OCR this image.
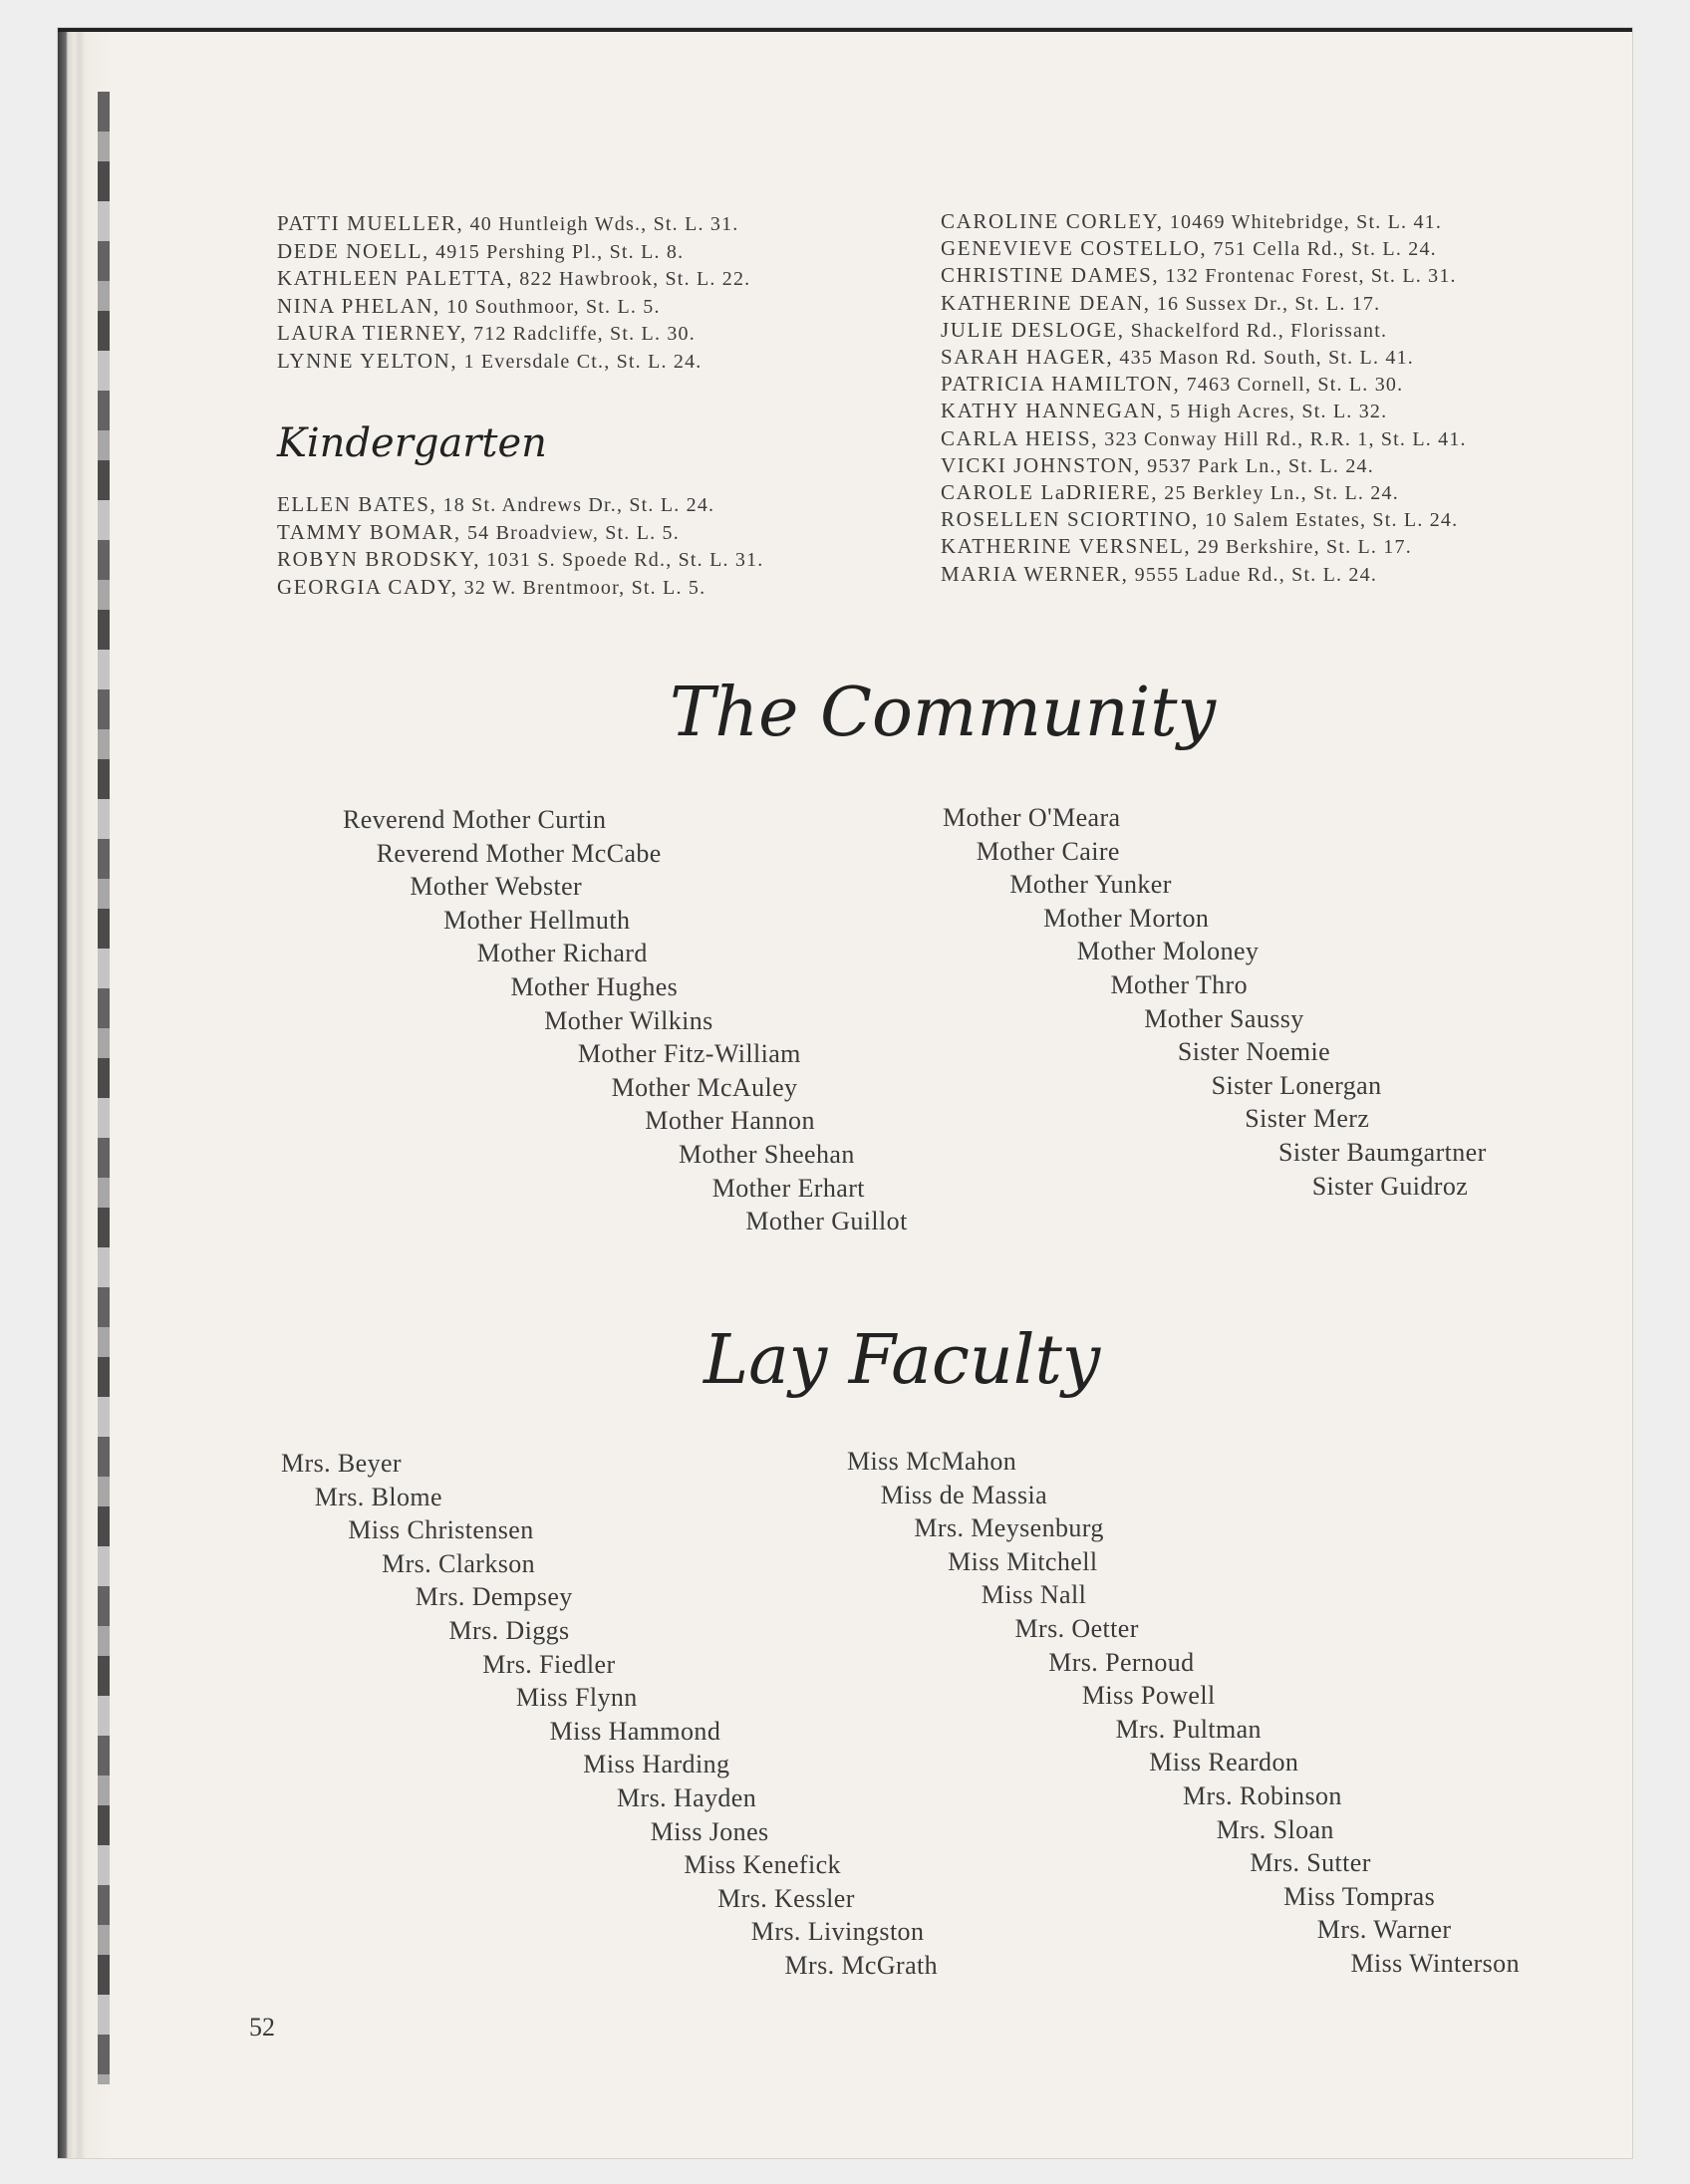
PATTI MUELLER, 40 Huntleigh Wds., St. L. 31.
DEDE NOELL, 4915 Pershing Pl., St. L. 8.
KATHLEEN PALETTA, 822 Hawbrook, St. L. 22.
NINA PHELAN, 10 Southmoor, St. L. 5.
LAURA TIERNEY, 712 Radcliffe, St. L. 30.
LYNNE YELTON, 1 Eversdale Ct., St. L. 24.
Kindergarten
ELLEN BATES, 18 St. Andrews Dr., St. L. 24.
TAMMY BOMAR, 54 Broadview, St. L. 5.
ROBYN BRODSKY, 1031 S. Spoede Rd., St. L. 31.
GEORGIA CADY, 32 W. Brentmoor, St. L. 5.
CAROLINE CORLEY, 10469 Whitebridge, St. L. 41.
GENEVIEVE COSTELLO, 751 Cella Rd., St. L. 24.
CHRISTINE DAMES, 132 Frontenac Forest, St. L. 31.
KATHERINE DEAN, 16 Sussex Dr., St. L. 17.
JULIE DESLOGE, Shackelford Rd., Florissant.
SARAH HAGER, 435 Mason Rd. South, St. L. 41.
PATRICIA HAMILTON, 7463 Cornell, St. L. 30.
KATHY HANNEGAN, 5 High Acres, St. L. 32.
CARLA HEISS, 323 Conway Hill Rd., R.R. 1, St. L. 41.
VICKI JOHNSTON, 9537 Park Ln., St. L. 24.
CAROLE LaDRIERE, 25 Berkley Ln., St. L. 24.
ROSELLEN SCIORTINO, 10 Salem Estates, St. L. 24.
KATHERINE VERSNEL, 29 Berkshire, St. L. 17.
MARIA WERNER, 9555 Ladue Rd., St. L. 24.
The Community
Lay Faculty
Reverend Mother Curtin
Reverend Mother McCabe
Mother Webster
Mother Hellmuth
Mother Richard
Mother Hughes
Mother Wilkins
Mother Fitz-William
Mother McAuley
Mother Hannon
Mother Sheehan
Mother Erhart
Mother Guillot
Mother O'Meara
Mother Caire
Mother Yunker
Mother Morton
Mother Moloney
Mother Thro
Mother Saussy
Sister Noemie
Sister Lonergan
Sister Merz
Sister Baumgartner
Sister Guidroz
Mrs. Beyer
Mrs. Blome
Miss Christensen
Mrs. Clarkson
Mrs. Dempsey
Mrs. Diggs
Mrs. Fiedler
Miss Flynn
Miss Hammond
Miss Harding
Mrs. Hayden
Miss Jones
Miss Kenefick
Mrs. Kessler
Mrs. Livingston
Mrs. McGrath
Miss McMahon
Miss de Massia
Mrs. Meysenburg
Miss Mitchell
Miss Nall
Mrs. Oetter
Mrs. Pernoud
Miss Powell
Mrs. Pultman
Miss Reardon
Mrs. Robinson
Mrs. Sloan
Mrs. Sutter
Miss Tompras
Mrs. Warner
Miss Winterson
52
